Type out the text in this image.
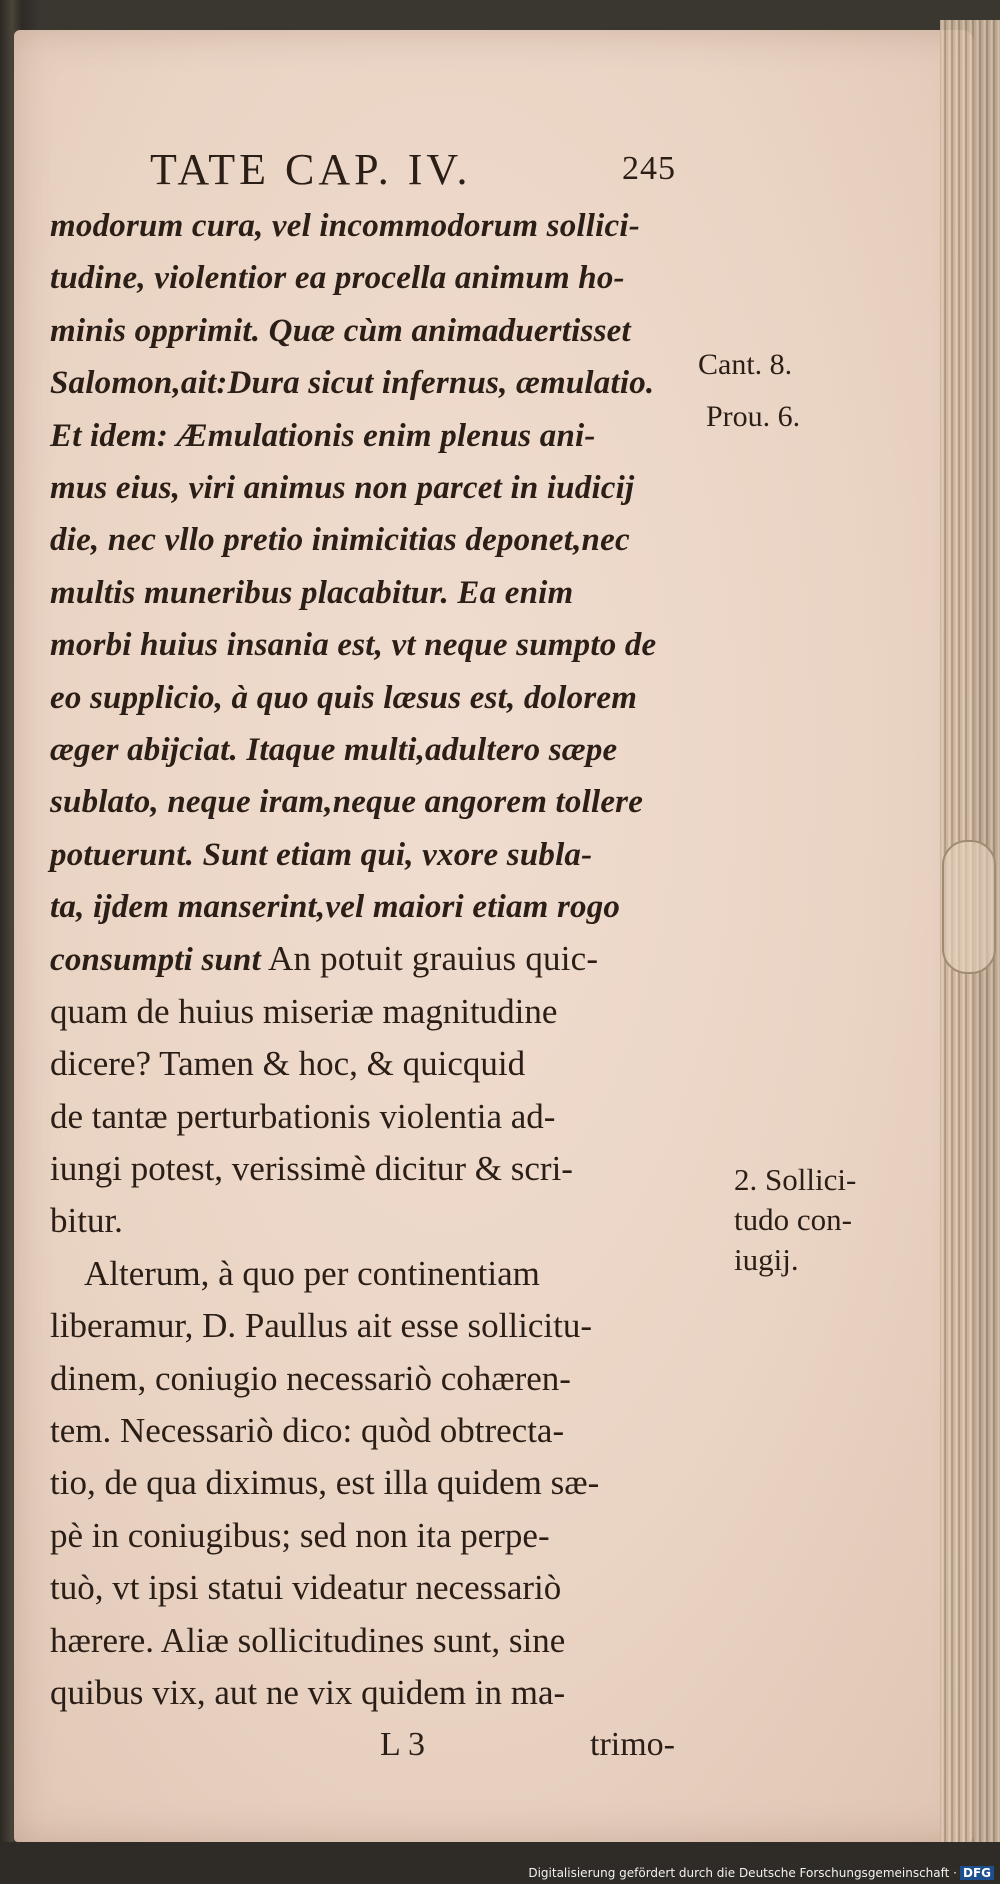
TATE CAP. IV.	245
modorum cura, vel incommodorum sollici-
tudine, violentior ea procella animum ho-
minis opprimit. Quæ cùm animaduertisset
Salomon,ait:Dura sicut infernus, æmulatio.
Et idem: Æmulationis enim plenus ani-
mus eius, viri animus non parcet in iudicij
die, nec vllo pretio inimicitias deponet,nec
multis muneribus placabitur. Ea enim
morbi huius insania est, vt neque sumpto de
eo supplicio, à quo quis læsus est, dolorem
æger abijciat. Itaque multi,adultero sæpe
sublato, neque iram,neque angorem tollere
potuerunt. Sunt etiam qui, vxore subla-
ta, ijdem manserint,vel maiori etiam rogo
consumpti sunt An potuit grauius quic-
quam de huius miseriæ magnitudine
dicere? Tamen & hoc, & quicquid
de tantæ perturbationis violentia ad-
iungi potest, verissimè dicitur & scri-
bitur.
Alterum, à quo per continentiam
liberamur, D. Paullus ait esse sollicitu-
dinem, coniugio necessariò cohæren-
tem. Necessariò dico: quòd obtrecta-
tio, de qua diximus, est illa quidem sæ-
pè in coniugibus; sed non ita perpe-
tuò, vt ipsi statui videatur necessariò
hærere. Aliæ sollicitudines sunt, sine
quibus vix, aut ne vix quidem in ma-
L 3	trimo-
Cant. 8.
Prou. 6.
2. Sollici-
tudo con-
iugij.
Digitalisierung gefördert durch die Deutsche Forschungsgemeinschaft · DFG
